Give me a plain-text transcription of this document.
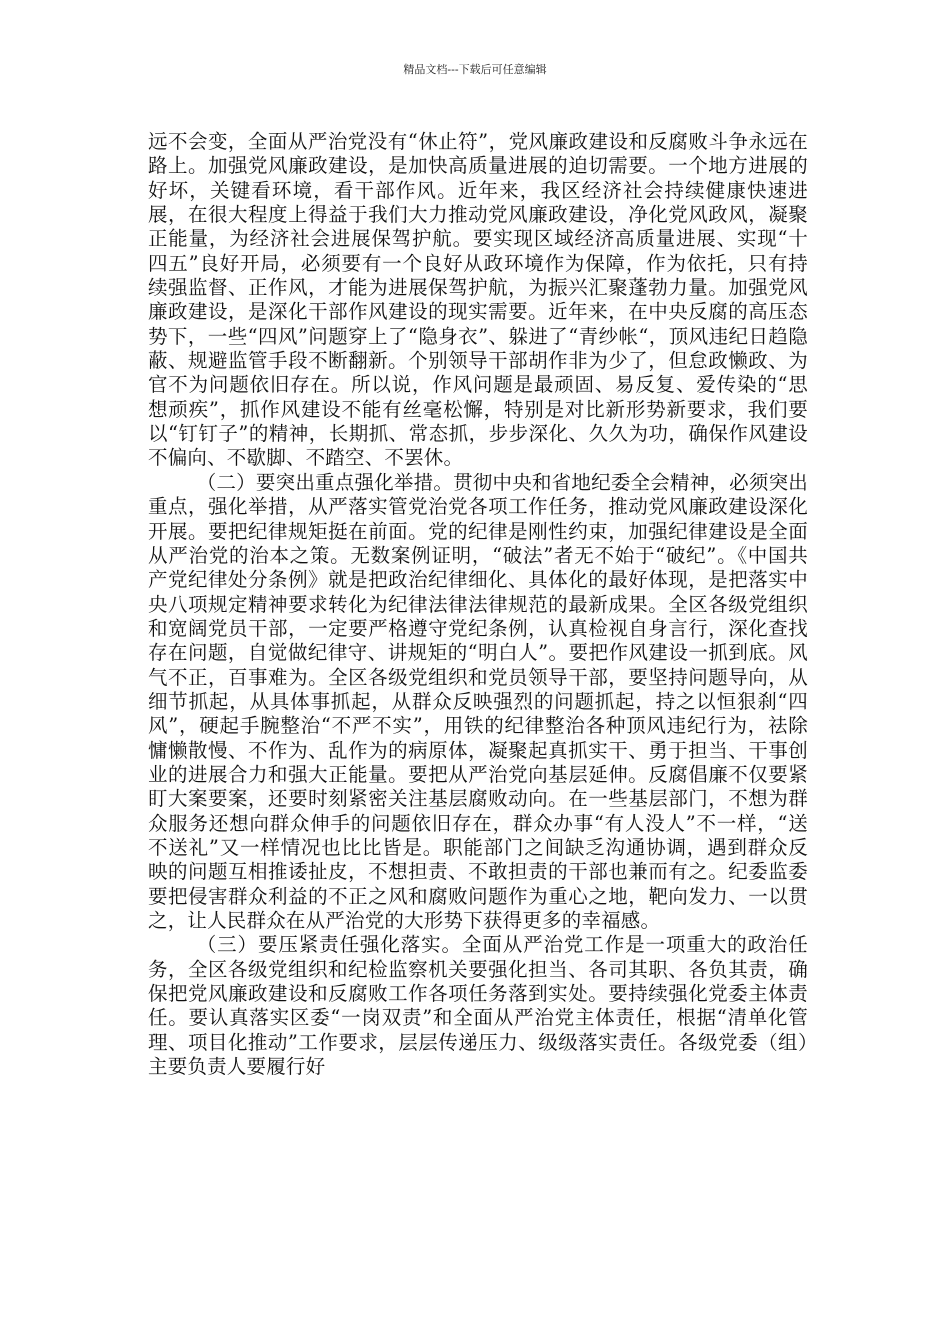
精品文档---下载后可任意编辑

远不会变，全面从严治党没有“休止符”，党风廉政建设和反腐败斗争永远在路上。加强党风廉政建设，是加快高质量进展的迫切需要。一个地方进展的好坏，关键看环境，看干部作风。近年来，我区经济社会持续健康快速进展，在很大程度上得益于我们大力推动党风廉政建设，净化党风政风，凝聚正能量，为经济社会进展保驾护航。要实现区域经济高质量进展、实现“十四五”良好开局，必须要有一个良好从政环境作为保障，作为依托，只有持续强监督、正作风，才能为进展保驾护航，为振兴汇聚蓬勃力量。加强党风廉政建设，是深化干部作风建设的现实需要。近年来，在中央反腐的高压态势下，一些“四风”问题穿上了“隐身衣”、躲进了“青纱帐“，顶风违纪日趋隐蔽、规避监管手段不断翻新。个别领导干部胡作非为少了，但怠政懒政、为官不为问题依旧存在。所以说，作风问题是最顽固、易反复、爱传染的“思想顽疾”，抓作风建设不能有丝毫松懈，特别是对比新形势新要求，我们要以“钉钉子”的精神，长期抓、常态抓，步步深化、久久为功，确保作风建设不偏向、不歇脚、不踏空、不罢休。

（二）要突出重点强化举措。贯彻中央和省地纪委全会精神，必须突出重点，强化举措，从严落实管党治党各项工作任务，推动党风廉政建设深化开展。要把纪律规矩挺在前面。党的纪律是刚性约束，加强纪律建设是全面从严治党的治本之策。无数案例证明，“破法”者无不始于“破纪”。《中国共产党纪律处分条例》就是把政治纪律细化、具体化的最好体现，是把落实中央八项规定精神要求转化为纪律法律法律规范的最新成果。全区各级党组织和宽阔党员干部，一定要严格遵守党纪条例，认真检视自身言行，深化查找存在问题，自觉做纪律守、讲规矩的“明白人”。要把作风建设一抓到底。风气不正，百事难为。全区各级党组织和党员领导干部，要坚持问题导向，从细节抓起，从具体事抓起，从群众反映强烈的问题抓起，持之以恒狠刹“四风”，硬起手腕整治“不严不实”，用铁的纪律整治各种顶风违纪行为，祛除慵懒散慢、不作为、乱作为的病原体，凝聚起真抓实干、勇于担当、干事创业的进展合力和强大正能量。要把从严治党向基层延伸。反腐倡廉不仅要紧盯大案要案，还要时刻紧密关注基层腐败动向。在一些基层部门，不想为群众服务还想向群众伸手的问题依旧存在，群众办事“有人没人”不一样，“送不送礼”又一样情况也比比皆是。职能部门之间缺乏沟通协调，遇到群众反映的问题互相推诿扯皮，不想担责、不敢担责的干部也兼而有之。纪委监委要把侵害群众利益的不正之风和腐败问题作为重心之地，靶向发力、一以贯之，让人民群众在从严治党的大形势下获得更多的幸福感。

（三）要压紧责任强化落实。全面从严治党工作是一项重大的政治任务，全区各级党组织和纪检监察机关要强化担当、各司其职、各负其责，确保把党风廉政建设和反腐败工作各项任务落到实处。要持续强化党委主体责任。要认真落实区委“一岗双责”和全面从严治党主体责任，根据“清单化管理、项目化推动”工作要求，层层传递压力、级级落实责任。各级党委（组）主要负责人要履行好
